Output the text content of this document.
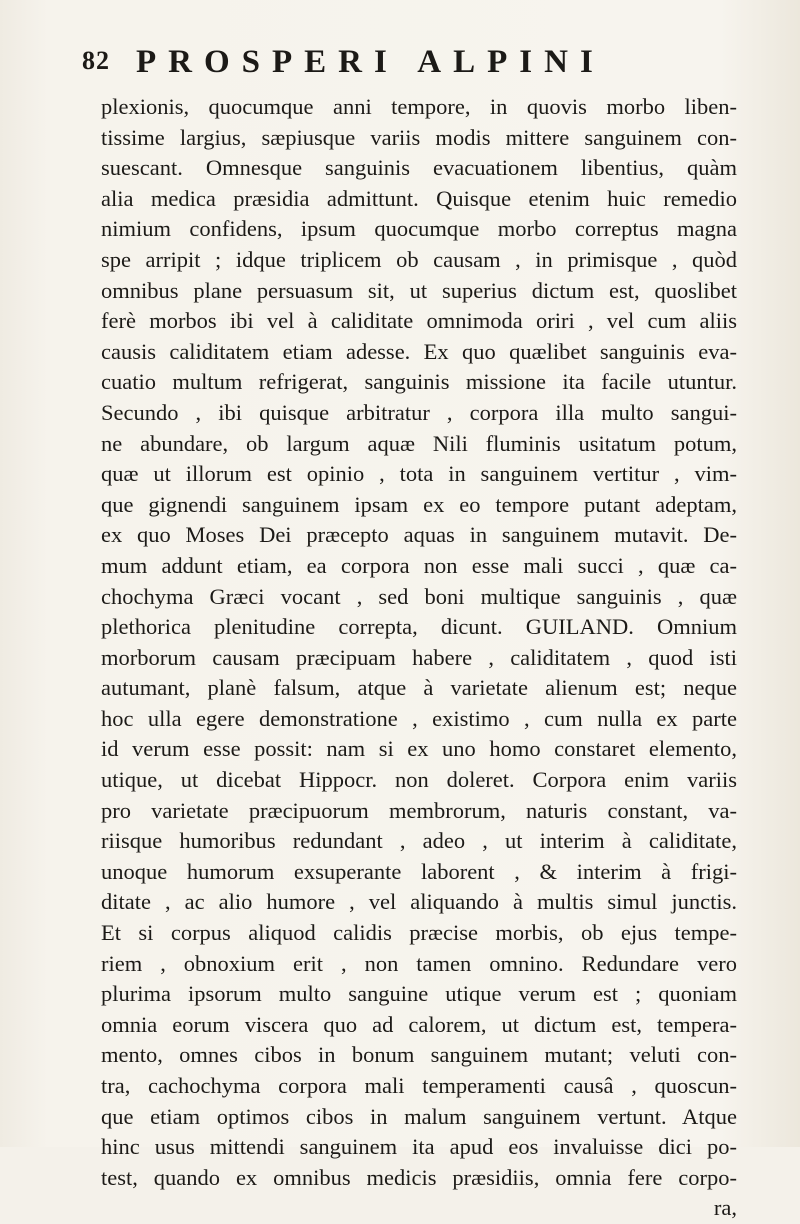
82 PROSPERI ALPINI
plexionis, quocumque anni tempore, in quovis morbo liben-
tissime largius, sæpiusque variis modis mittere sanguinem con-
suescant. Omnesque sanguinis evacuationem libentius, quàm
alia medica præsidia admittunt. Quisque etenim huic remedio
nimium confidens, ipsum quocumque morbo correptus magna
spe arripit ; idque triplicem ob causam , in primisque , quòd
omnibus plane persuasum sit, ut superius dictum est, quoslibet
ferè morbos ibi vel à caliditate omnimoda oriri , vel cum aliis
causis caliditatem etiam adesse. Ex quo quælibet sanguinis eva-
cuatio multum refrigerat, sanguinis missione ita facile utuntur.
Secundo , ibi quisque arbitratur , corpora illa multo sangui-
ne abundare, ob largum aquæ Nili fluminis usitatum potum,
quæ ut illorum est opinio , tota in sanguinem vertitur , vim-
que gignendi sanguinem ipsam ex eo tempore putant adeptam,
ex quo Moses Dei præcepto aquas in sanguinem mutavit. De-
mum addunt etiam, ea corpora non esse mali succi , quæ ca-
chochyma Græci vocant , sed boni multique sanguinis , quæ
plethorica plenitudine correpta, dicunt. GUILAND. Omnium
morborum causam præcipuam habere , caliditatem , quod isti
autumant, planè falsum, atque à varietate alienum est; neque
hoc ulla egere demonstratione , existimo , cum nulla ex parte
id verum esse possit: nam si ex uno homo constaret elemento,
utique, ut dicebat Hippocr. non doleret. Corpora enim variis
pro varietate præcipuorum membrorum, naturis constant, va-
riisque humoribus redundant , adeo , ut interim à caliditate,
unoque humorum exsuperante laborent , & interim à frigi-
ditate , ac alio humore , vel aliquando à multis simul junctis.
Et si corpus aliquod calidis præcise morbis, ob ejus tempe-
riem , obnoxium erit , non tamen omnino. Redundare vero
plurima ipsorum multo sanguine utique verum est ; quoniam
omnia eorum viscera quo ad calorem, ut dictum est, tempera-
mento, omnes cibos in bonum sanguinem mutant; veluti con-
tra, cachochyma corpora mali temperamenti causâ , quoscun-
que etiam optimos cibos in malum sanguinem vertunt. Atque
hinc usus mittendi sanguinem ita apud eos invaluisse dici po-
test, quando ex omnibus medicis præsidiis, omnia fere corpo-
ra,
